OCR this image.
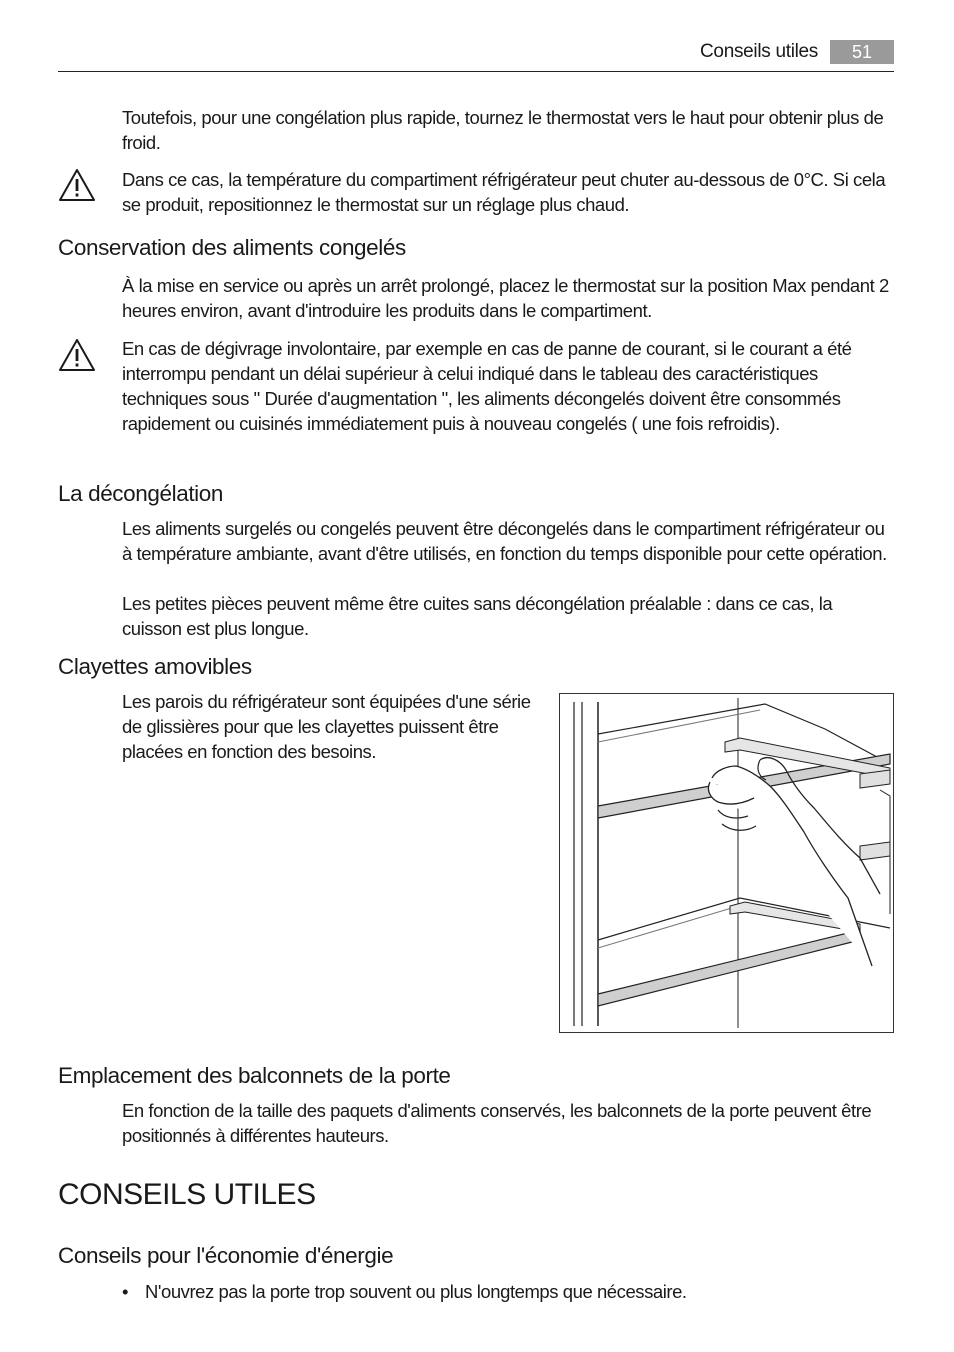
Conseils utiles	51

Toutefois, pour une congélation plus rapide, tournez le thermostat vers le haut pour obtenir plus de froid.

Dans ce cas, la température du compartiment réfrigérateur peut chuter au-dessous de 0°C. Si cela se produit, repositionnez le thermostat sur un réglage plus chaud.

Conservation des aliments congelés

À la mise en service ou après un arrêt prolongé, placez le thermostat sur la position Max pendant 2 heures environ, avant d'introduire les produits dans le compartiment.

En cas de dégivrage involontaire, par exemple en cas de panne de courant, si le courant a été interrompu pendant un délai supérieur à celui indiqué dans le tableau des caractéristiques techniques sous " Durée d'augmentation ", les aliments décongelés doivent être consommés rapidement ou cuisinés immédiatement puis à nouveau congelés ( une fois refroidis).

La décongélation

Les aliments surgelés ou congelés peuvent être décongelés dans le compartiment réfrigérateur ou à température ambiante, avant d'être utilisés, en fonction du temps disponible pour cette opération.

Les petites pièces peuvent même être cuites sans décongélation préalable : dans ce cas, la cuisson est plus longue.

Clayettes amovibles

Les parois du réfrigérateur sont équipées d'une série de glissières pour que les clayettes puissent être placées en fonction des besoins.

Emplacement des balconnets de la porte

En fonction de la taille des paquets d'aliments conservés, les balconnets de la porte peuvent être positionnés à différentes hauteurs.

CONSEILS UTILES
Conseils pour l'économie d'énergie
• N'ouvrez pas la porte trop souvent ou plus longtemps que nécessaire.
